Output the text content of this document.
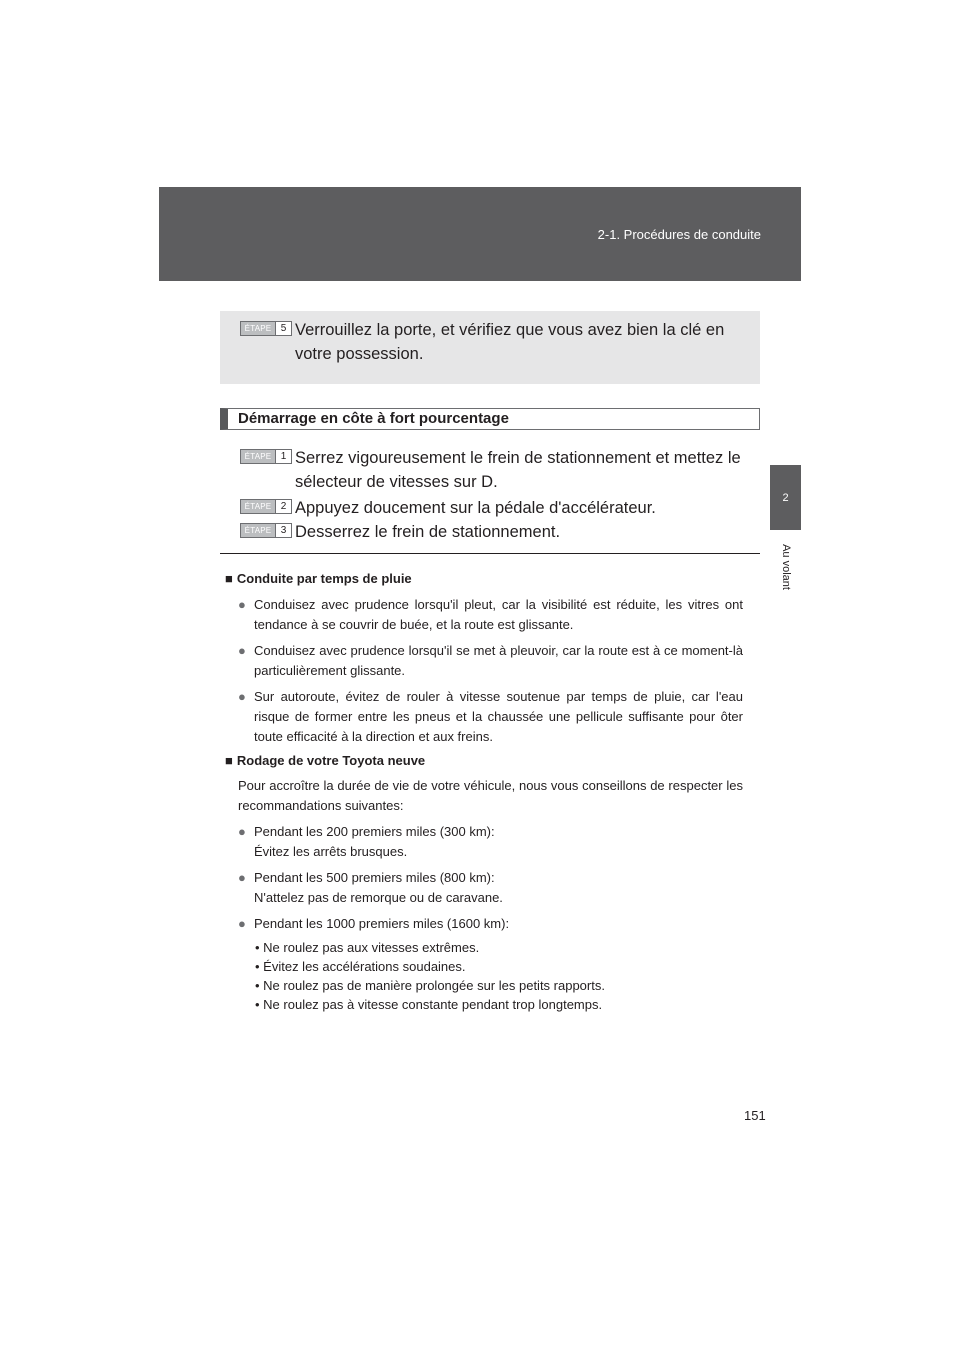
2-1. Procédures de conduite
2
Au volant
ÉTAPE 5 Verrouillez la porte, et vérifiez que vous avez bien la clé en
votre possession.
Démarrage en côte à fort pourcentage
ÉTAPE 1 Serrez vigoureusement le frein de stationnement et mettez le
sélecteur de vitesses sur D.
ÉTAPE 2 Appuyez doucement sur la pédale d'accélérateur.
ÉTAPE 3 Desserrez le frein de stationnement.
■ Conduite par temps de pluie
● Conduisez avec prudence lorsqu'il pleut, car la visibilité est réduite, les vitres ont tendance à se couvrir de buée, et la route est glissante.
● Conduisez avec prudence lorsqu'il se met à pleuvoir, car la route est à ce moment-là particulièrement glissante.
● Sur autoroute, évitez de rouler à vitesse soutenue par temps de pluie, car l'eau risque de former entre les pneus et la chaussée une pellicule suffisante pour ôter toute efficacité à la direction et aux freins.
■ Rodage de votre Toyota neuve
Pour accroître la durée de vie de votre véhicule, nous vous conseillons de respecter les recommandations suivantes:
● Pendant les 200 premiers miles (300 km):
Évitez les arrêts brusques.
● Pendant les 500 premiers miles (800 km):
N'attelez pas de remorque ou de caravane.
● Pendant les 1000 premiers miles (1600 km):
• Ne roulez pas aux vitesses extrêmes.
• Évitez les accélérations soudaines.
• Ne roulez pas de manière prolongée sur les petits rapports.
• Ne roulez pas à vitesse constante pendant trop longtemps.
151
